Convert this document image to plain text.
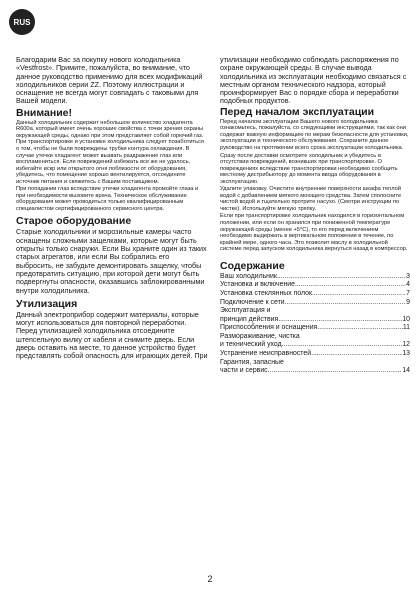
RUS

Благодарим Вас за покупку нового холодильника «Vestfrost». Примите, пожалуйста, во внимание, что данное руководство применимо для всех модификаций холодильников серии ZZ. Поэтому иллюстрации и оснащение не всегда могут совпадать с таковыми для Вашей модели.

Внимание!

Данный холодильник содержит небольшое количество хладагента R600a, который имеет очень хорошие свойства с точки зрения охраны окружающей среды, однако при этом представляет собой горючий газ. При транспортировке и установке холодильника следует позаботиться о том, чтобы не были повреждены трубки контура охлаждения. В случае утечки хладагент может вызвать раздражение глаз или воспламениться. Если повреждений избежать все же не удалось, избегайте искр или открытого огня поблизости от оборудования, убедитесь, что помещение хорошо вентилируется, отсоедините источник питания и свяжитесь с Вашим поставщиком.

При попадании глаз вследствие утечки хладагента промойте глаза и при необходимости вызовите врача. Техническое обслуживание оборудования может проводиться только квалифицированным специалистом сертифицированного сервисного центра.

Старое оборудование

Старые холодильники и морозильные камеры часто оснащены сложными защелками, которые могут быть открыты только снаружи. Если Вы храните один из таких старых агрегатов, или если Вы собрались его выбросить, не забудьте демонтировать защелку, чтобы предотвратить ситуацию, при которой дети могут быть подвергнуты опасности, оказавшись заблокированными внутри холодильника.

Утилизация

Данный электроприбор содержит материалы, которые могут использоваться для повторной переработки. Перед утилизацией холодильника отсоедините штепсельную вилку от кабеля и снимите дверь. Если дверь оставить на месте, то данное устройство будет представлять собой опасность для играющих детей. При

утилизации необходимо соблюдать распоряжения по охране окружающей среды. В случае вывода холодильника из эксплуатации необходимо связаться с местным органом технического надзора, который проинформирует Вас о порядке сбора и переработки подобных продуктов.

Перед началом эксплуатации

Перед началом эксплуатации Вашего нового холодильника ознакомьтесь, пожалуйста, со следующими инструкциями, так как они содержат важную информацию по мерам безопасности для установки, эксплуатации и технического обслуживания. Сохраните данное руководство на протяжении всего срока эксплуатации холодильника.

Сразу после доставки осмотрите холодильник и убедитесь в отсутствии повреждений, возникших при транспортировке. О повреждениях вследствие транспортировки необходимо сообщить местному дистрибьютору до момента ввода оборудования в эксплуатацию.

Удалите упаковку. Очистите внутренние поверхности шкафа теплой водой с добавлением мягкого моющего средства. Затем сполосните чистой водой и тщательно протрите насухо. (Смотри инструкции по чистке). Используйте мягкую тряпку.

Если при транспортировке холодильник находился в горизонтальном положении, или если он хранился при пониженной температуре окружающей среды (менее +5°C), то его перед включением необходимо выдержать в вертикальном положении в течение, по крайней мере, одного часа. Это позволит маслу в холодильной системе перед запуском холодильника вернуться назад в компрессор.

Содержание
Ваш холодильник .....	3
Установка и включение .....	4
Установка стеклянных полок .....	7
Подключение к сети .....	9
Эксплуатация и
принцип действия .....	10
Приспособления и оснащения .....	11
Размораживание, чистка
и технический уход .....	12
Устранение неисправностей .....	13
Гарантия, запасные
части и сервис .....	14
2
